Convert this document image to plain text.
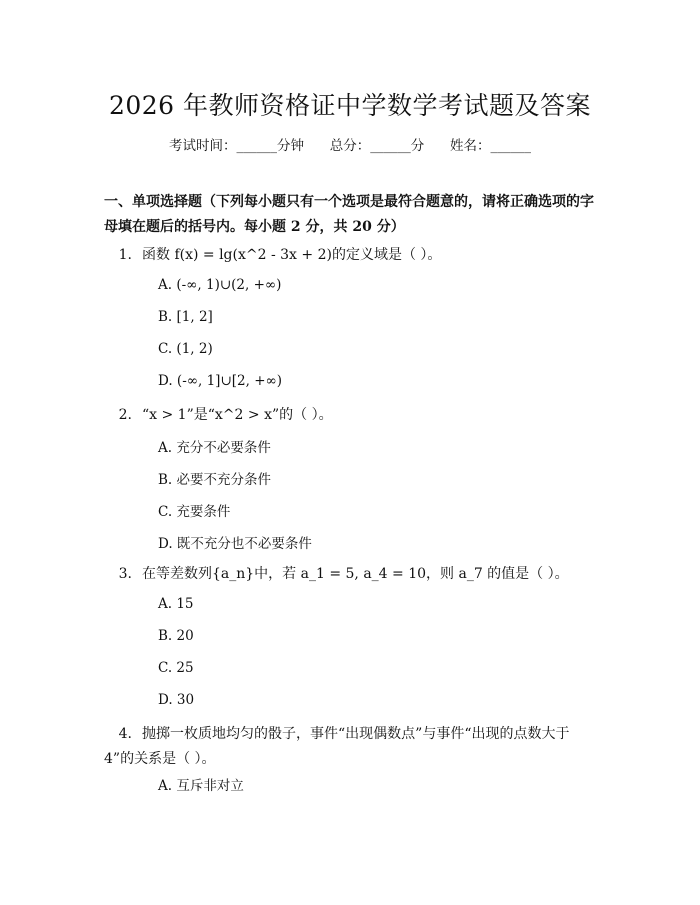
2026 年教师资格证中学数学考试题及答案
考试时间：______分钟      总分：______分      姓名：______
一、单项选择题（下列每小题只有一个选项是最符合题意的，请将正确选项的字母填在题后的括号内。每小题 2 分，共 20 分）
1. 函数 f(x) = lg(x^2 - 3x + 2)的定义域是（ ）。
A. (-∞, 1)∪(2, +∞)
B. [1, 2]
C. (1, 2)
D. (-∞, 1]∪[2, +∞)
2. “x > 1”是“x^2 > x”的（ ）。
A. 充分不必要条件
B. 必要不充分条件
C. 充要条件
D. 既不充分也不必要条件
3. 在等差数列{a_n}中，若 a_1 = 5, a_4 = 10，则 a_7 的值是（ ）。
A. 15
B. 20
C. 25
D. 30
4. 抛掷一枚质地均匀的骰子，事件“出现偶数点”与事件“出现的点数大于 4”的关系是（ ）。
A. 互斥非对立
